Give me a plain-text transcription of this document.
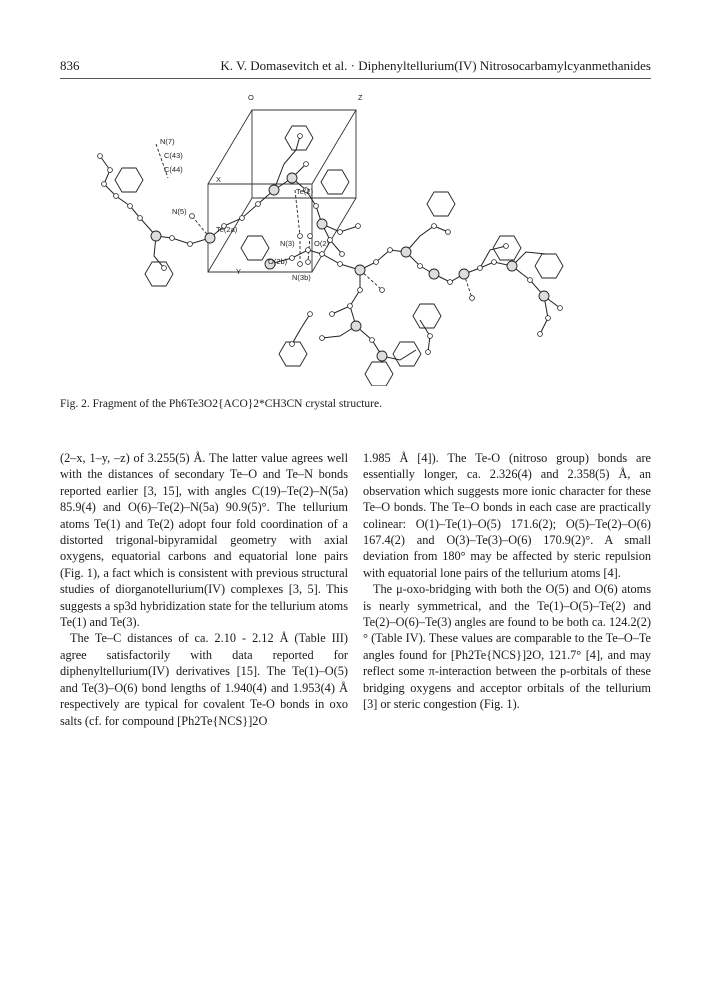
836	K. V. Domasevitch et al. · Diphenyltellurium(IV) Nitrosocarbamylcyanmethanides
O	Z
X
Y
N(7)
C(43)
C(44)
N(5)
Te(2a)
Te(2)
N(3)	O(2)
O(2b)
N(3b)
Fig. 2. Fragment of the Ph6Te3O2{ACO}2*CH3CN crystal structure.

(2–x, 1–y, –z) of 3.255(5) Å. The latter value agrees well with the distances of secondary Te–O and Te–N bonds reported earlier [3, 15], with angles C(19)–Te(2)–N(5a) 85.9(4) and O(6)–Te(2)–N(5a) 90.9(5)°. The tellurium atoms Te(1) and Te(2) adopt four fold coordination of a distorted trigonal-bipyramidal geometry with axial oxygens, equatorial carbons and equatorial lone pairs (Fig. 1), a fact which is consistent with previous structural studies of diorganotellurium(IV) complexes [3, 5]. This suggests a sp3d hybridization state for the tellurium atoms Te(1) and Te(3).

The Te–C distances of ca. 2.10 - 2.12 Å (Table III) agree satisfactorily with data reported for diphenyltellurium(IV) derivatives [15]. The Te(1)–O(5) and Te(3)–O(6) bond lengths of 1.940(4) and 1.953(4) Å respectively are typical for covalent Te-O bonds in oxo salts (cf. for compound [Ph2Te{NCS}]2O

1.985 Å [4]). The Te-O (nitroso group) bonds are essentially longer, ca. 2.326(4) and 2.358(5) Å, an observation which suggests more ionic character for these Te–O bonds. The Te–O bonds in each case are practically colinear: O(1)–Te(1)–O(5) 171.6(2); O(5)–Te(2)–O(6) 167.4(2) and O(3)–Te(3)–O(6) 170.9(2)°. A small deviation from 180° may be affected by steric repulsion with equatorial lone pairs of the tellurium atoms [4].

The μ-oxo-bridging with both the O(5) and O(6) atoms is nearly symmetrical, and the Te(1)–O(5)–Te(2) and Te(2)–O(6)–Te(3) angles are found to be both ca. 124.2(2)° (Table IV). These values are comparable to the Te–O–Te angles found for [Ph2Te{NCS}]2O, 121.7° [4], and may reflect some π-interaction between the p-orbitals of these bridging oxygens and acceptor orbitals of the tellurium [3] or steric congestion (Fig. 1).
